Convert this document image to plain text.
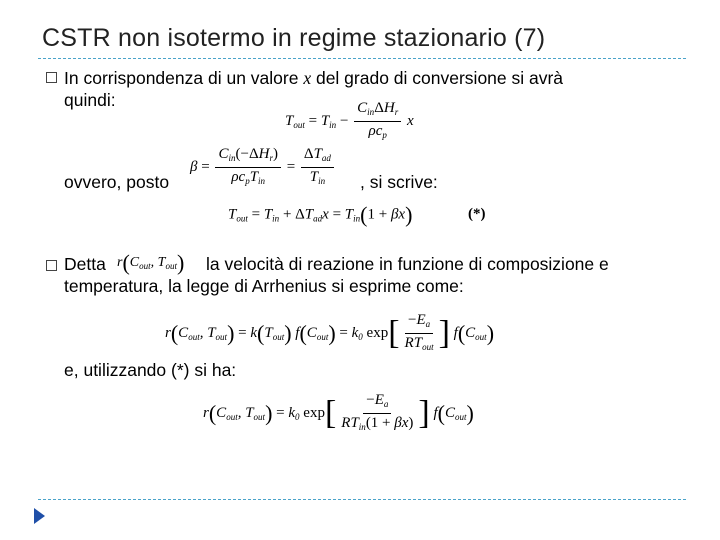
CSTR non isotermo in regime stazionario (7)
In corrispondenza di un valore x del grado di conversione si avrà
quindi:
$T_{out} = T_{in} - \frac{C_{in}\Delta H_r}{\rho c_p}$ x
ovvero, posto
$\beta = \frac{C_{in}(-\Delta H_r)}{\rho c_pT_{in}} = \frac{\Delta T_{ad}}{T_{in}}$ , si scrive:
$T_{out} = T_{in} + \Delta T_{ad}x = T_{in}(1 + \beta x)$	(*)
Detta $r(C_{out}$, $T_{out}$) la velocità di reazione in funzione di composizione e
temperatura, la legge di Arrhenius si esprime come:
$r(C_{out}$, $T_{out}) = k(T_{out})$ $f(C_{out}) = k_0$ $\exp[ \frac{-E_a}{RT_{out}}$ ] $f(C_{out})$
e, utilizzando (*) si ha:
$r(C_{out}$, $T_{out}) = k_0$ $\exp[ \frac{-E_a}{RT_{in}(1 + \beta x)}$ ] $f(C_{out})$
